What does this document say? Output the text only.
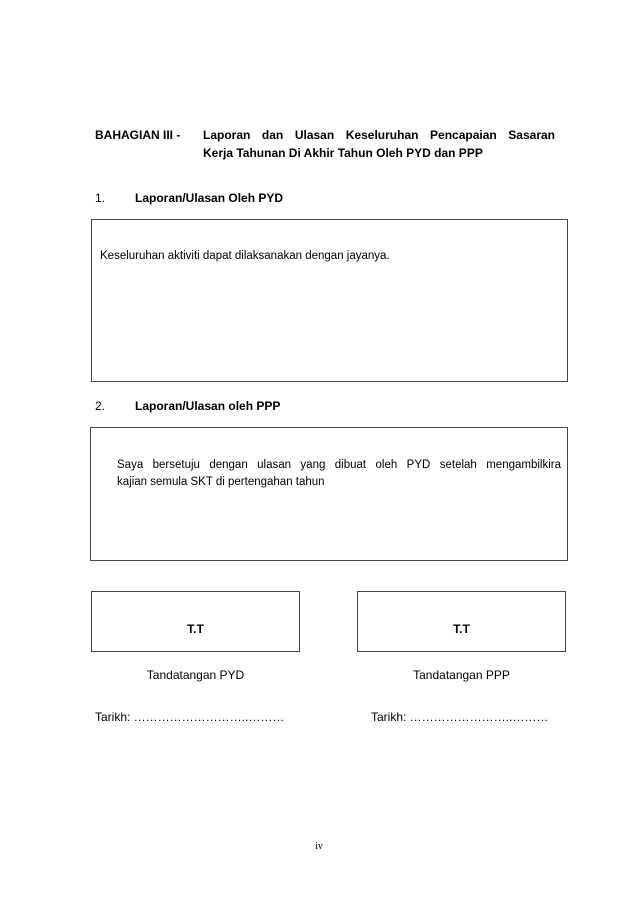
BAHAGIAN III - Laporan dan Ulasan Keseluruhan Pencapaian Sasaran
Kerja Tahunan Di Akhir Tahun Oleh PYD dan PPP
1. Laporan/Ulasan Oleh PYD
Keseluruhan aktiviti dapat dilaksanakan dengan jayanya.
2. Laporan/Ulasan oleh PPP
Saya bersetuju dengan ulasan yang dibuat oleh PYD setelah mengambilkira
kajian semula SKT di pertengahan tahun
T.T	T.T
Tandatangan PYD	Tandatangan PPP
Tarikh: ………………………..………	Tarikh: ……………………..………
iv
